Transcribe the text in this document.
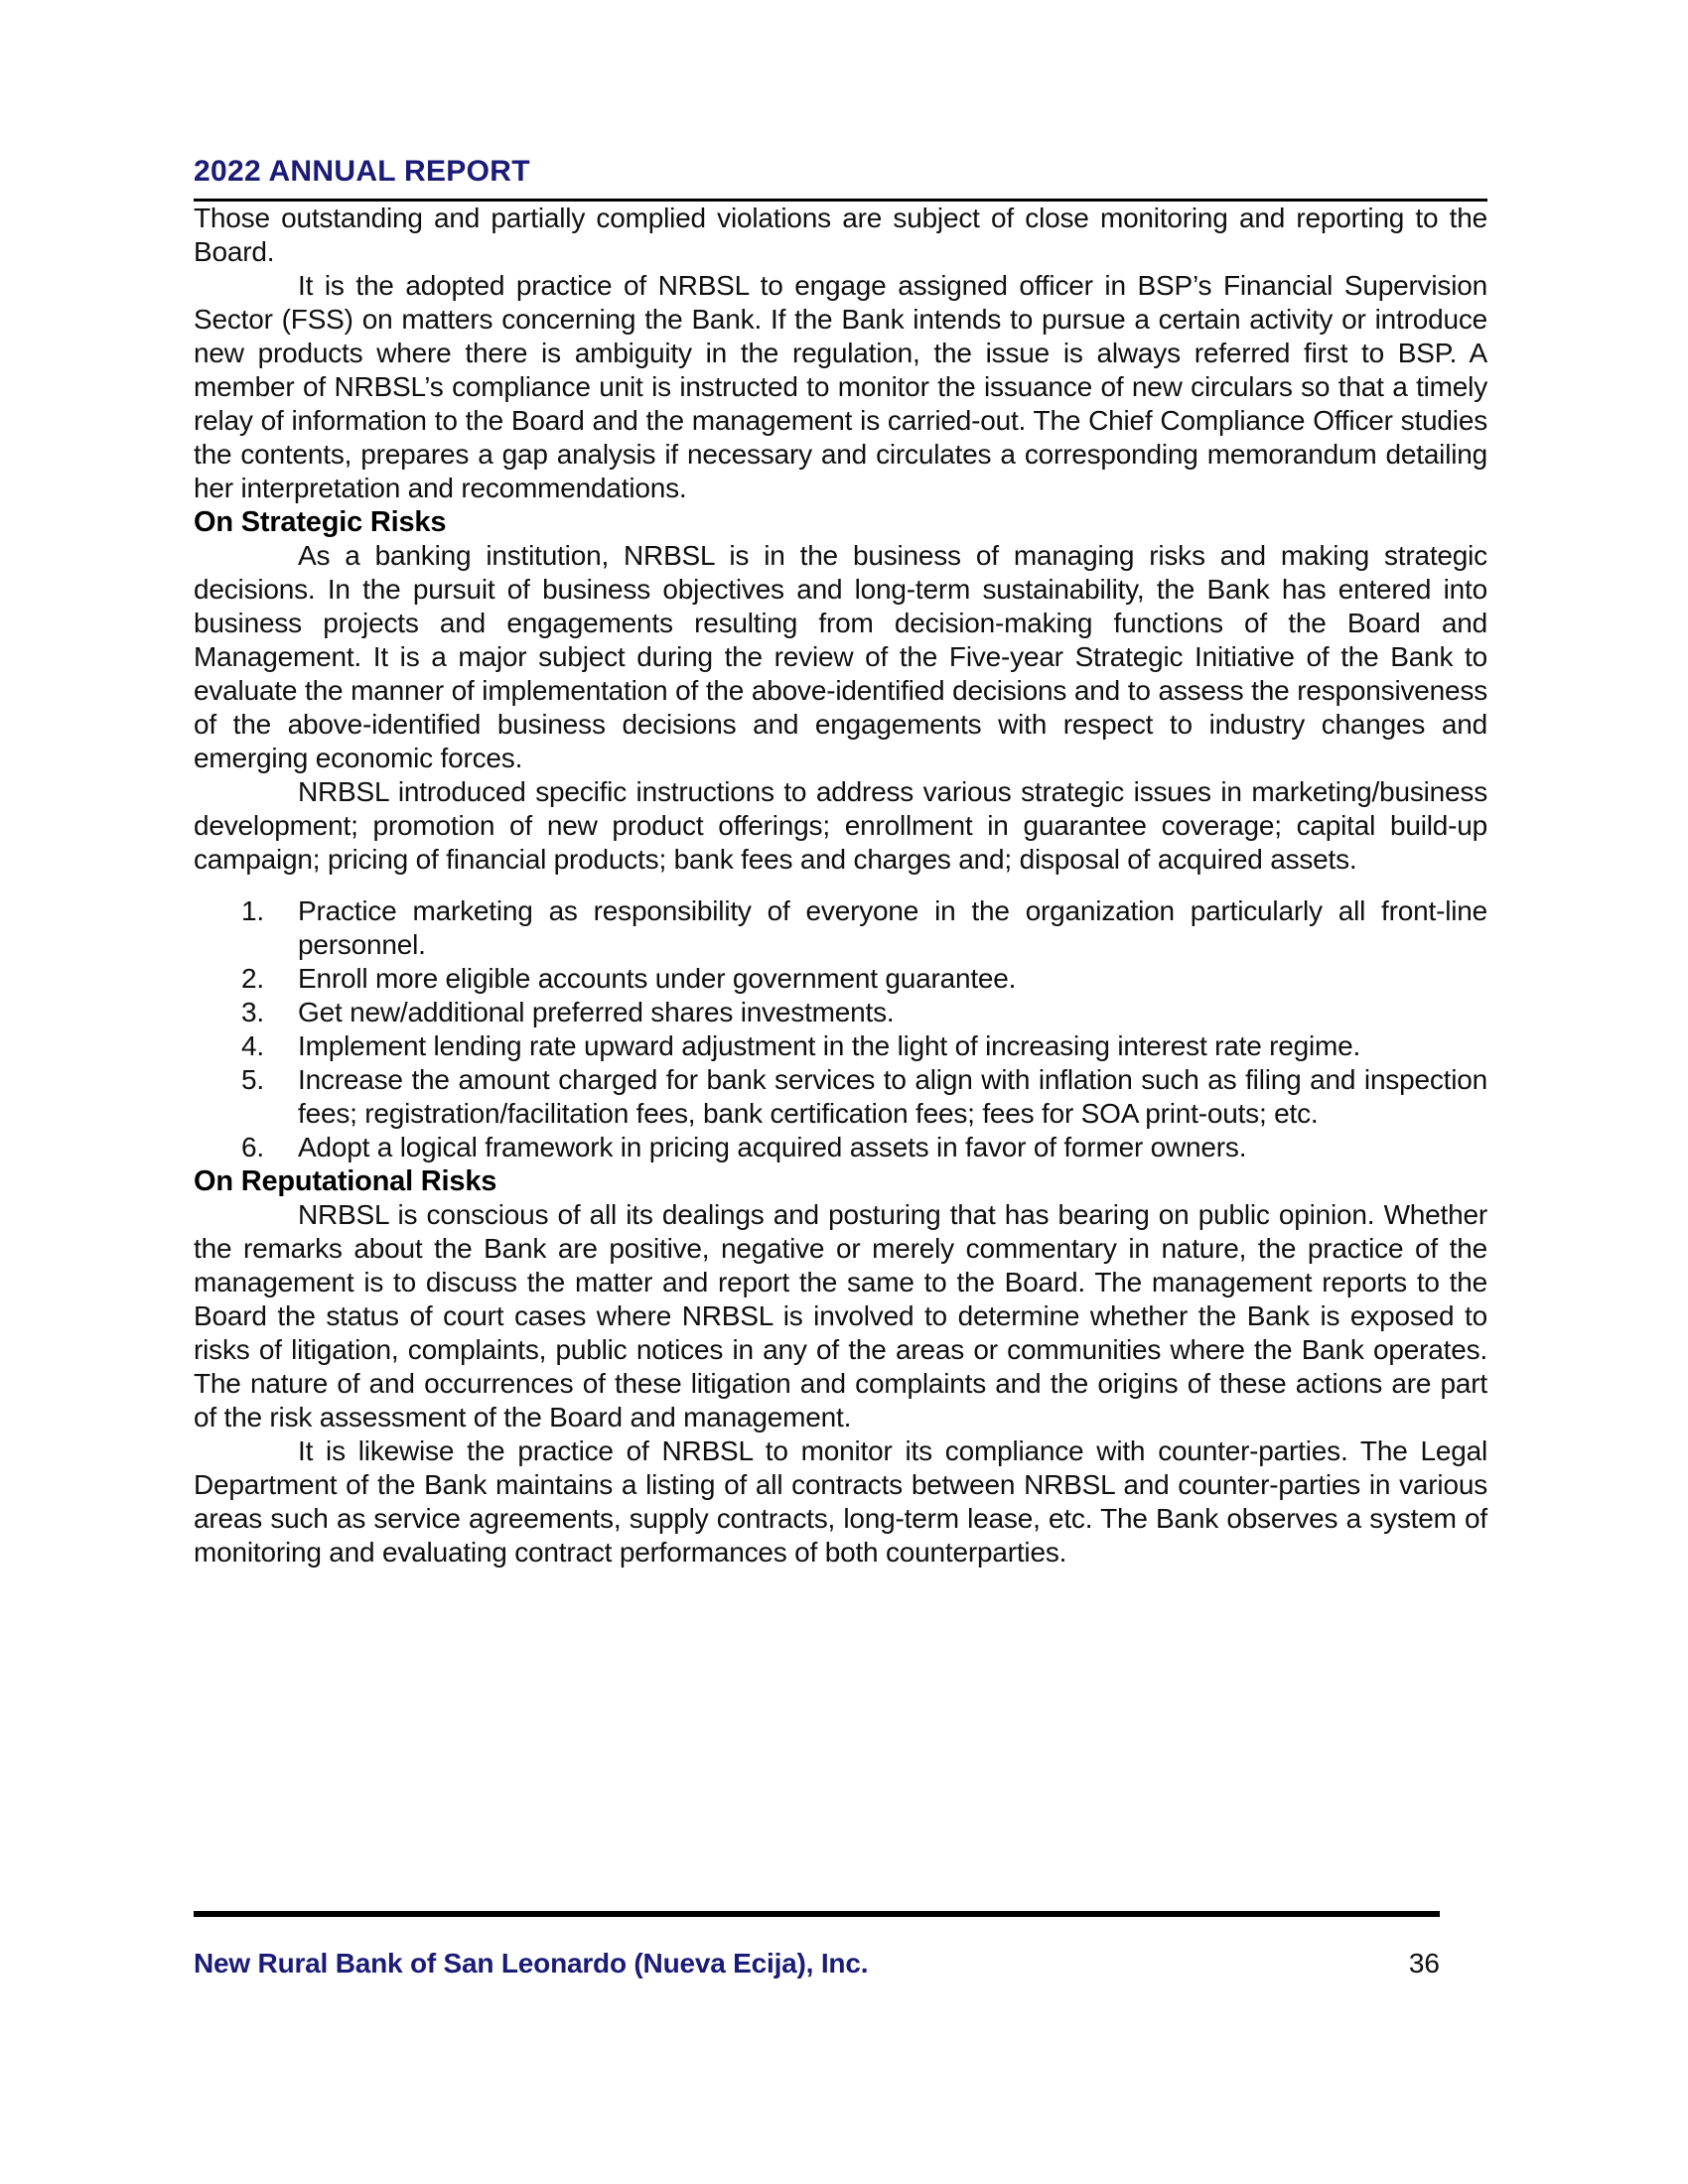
2022 ANNUAL REPORT

Those outstanding and partially complied violations are subject of close monitoring and reporting to the Board.

It is the adopted practice of NRBSL to engage assigned officer in BSP’s Financial Supervision Sector (FSS) on matters concerning the Bank. If the Bank intends to pursue a certain activity or introduce new products where there is ambiguity in the regulation, the issue is always referred first to BSP. A member of NRBSL’s compliance unit is instructed to monitor the issuance of new circulars so that a timely relay of information to the Board and the management is carried-out. The Chief Compliance Officer studies the contents, prepares a gap analysis if necessary and circulates a corresponding memorandum detailing her interpretation and recommendations.

On Strategic Risks

As a banking institution, NRBSL is in the business of managing risks and making strategic decisions. In the pursuit of business objectives and long-term sustainability, the Bank has entered into business projects and engagements resulting from decision-making functions of the Board and Management. It is a major subject during the review of the Five-year Strategic Initiative of the Bank to evaluate the manner of implementation of the above-identified decisions and to assess the responsiveness of the above-identified business decisions and engagements with respect to industry changes and emerging economic forces.

NRBSL introduced specific instructions to address various strategic issues in marketing/business development; promotion of new product offerings; enrollment in guarantee coverage; capital build-up campaign; pricing of financial products; bank fees and charges and; disposal of acquired assets.

1.	Practice marketing as responsibility of everyone in the organization particularly all front-line personnel.
2.	Enroll more eligible accounts under government guarantee.
3.	Get new/additional preferred shares investments.
4.	Implement lending rate upward adjustment in the light of increasing interest rate regime.
5.	Increase the amount charged for bank services to align with inflation such as filing and inspection fees; registration/facilitation fees, bank certification fees; fees for SOA print-outs; etc.
6.	Adopt a logical framework in pricing acquired assets in favor of former owners.
On Reputational Risks

NRBSL is conscious of all its dealings and posturing that has bearing on public opinion. Whether the remarks about the Bank are positive, negative or merely commentary in nature, the practice of the management is to discuss the matter and report the same to the Board. The management reports to the Board the status of court cases where NRBSL is involved to determine whether the Bank is exposed to risks of litigation, complaints, public notices in any of the areas or communities where the Bank operates. The nature of and occurrences of these litigation and complaints and the origins of these actions are part of the risk assessment of the Board and management.

It is likewise the practice of NRBSL to monitor its compliance with counter-parties. The Legal Department of the Bank maintains a listing of all contracts between NRBSL and counter-parties in various areas such as service agreements, supply contracts, long-term lease, etc. The Bank observes a system of monitoring and evaluating contract performances of both counterparties.

New Rural Bank of San Leonardo (Nueva Ecija), Inc.	36
